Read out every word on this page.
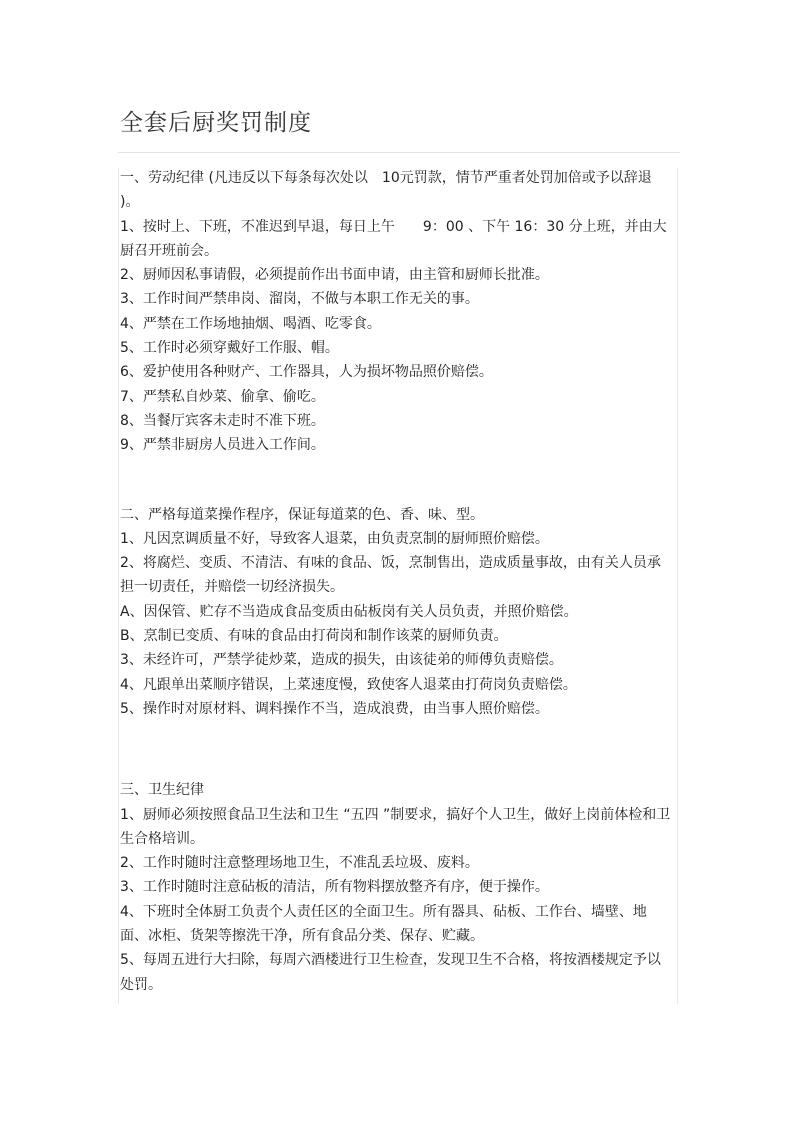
全套后厨奖罚制度

一、劳动纪律 (凡违反以下每条每次处以　10元罚款，情节严重者处罚加倍或予以辞退 )。

1、按时上、下班，不准迟到早退，每日上午　　9：00 、下午 16：30 分上班，并由大厨召开班前会。

2、厨师因私事请假，必须提前作出书面申请，由主管和厨师长批准。

3、工作时间严禁串岗、溜岗，不做与本职工作无关的事。

4、严禁在工作场地抽烟、喝酒、吃零食。

5、工作时必须穿戴好工作服、帽。

6、爱护使用各种财产、工作器具，人为损坏物品照价赔偿。

7、严禁私自炒菜、偷拿、偷吃。

8、当餐厅宾客未走时不准下班。

9、严禁非厨房人员进入工作间。

二、严格每道菜操作程序，保证每道菜的色、香、味、型。

1、凡因烹调质量不好，导致客人退菜，由负责烹制的厨师照价赔偿。

2、将腐烂、变质、不清洁、有味的食品、饭，烹制售出，造成质量事故，由有关人员承担一切责任，并赔偿一切经济损失。

A、因保管、贮存不当造成食品变质由砧板岗有关人员负责，并照价赔偿。

B、烹制已变质、有味的食品由打荷岗和制作该菜的厨师负责。

3、未经许可，严禁学徒炒菜，造成的损失，由该徒弟的师傅负责赔偿。

4、凡跟单出菜顺序错误，上菜速度慢，致使客人退菜由打荷岗负责赔偿。

5、操作时对原材料、调料操作不当，造成浪费，由当事人照价赔偿。

三、卫生纪律

1、厨师必须按照食品卫生法和卫生 “五四 ”制要求，搞好个人卫生，做好上岗前体检和卫生合格培训。

2、工作时随时注意整理场地卫生，不准乱丢垃圾、废料。

3、工作时随时注意砧板的清洁，所有物料摆放整齐有序，便于操作。

4、下班时全体厨工负责个人责任区的全面卫生。所有器具、砧板、工作台、墙壁、地面、冰柜、货架等擦洗干净，所有食品分类、保存、贮藏。

5、每周五进行大扫除，每周六酒楼进行卫生检查，发现卫生不合格，将按酒楼规定予以处罚。
